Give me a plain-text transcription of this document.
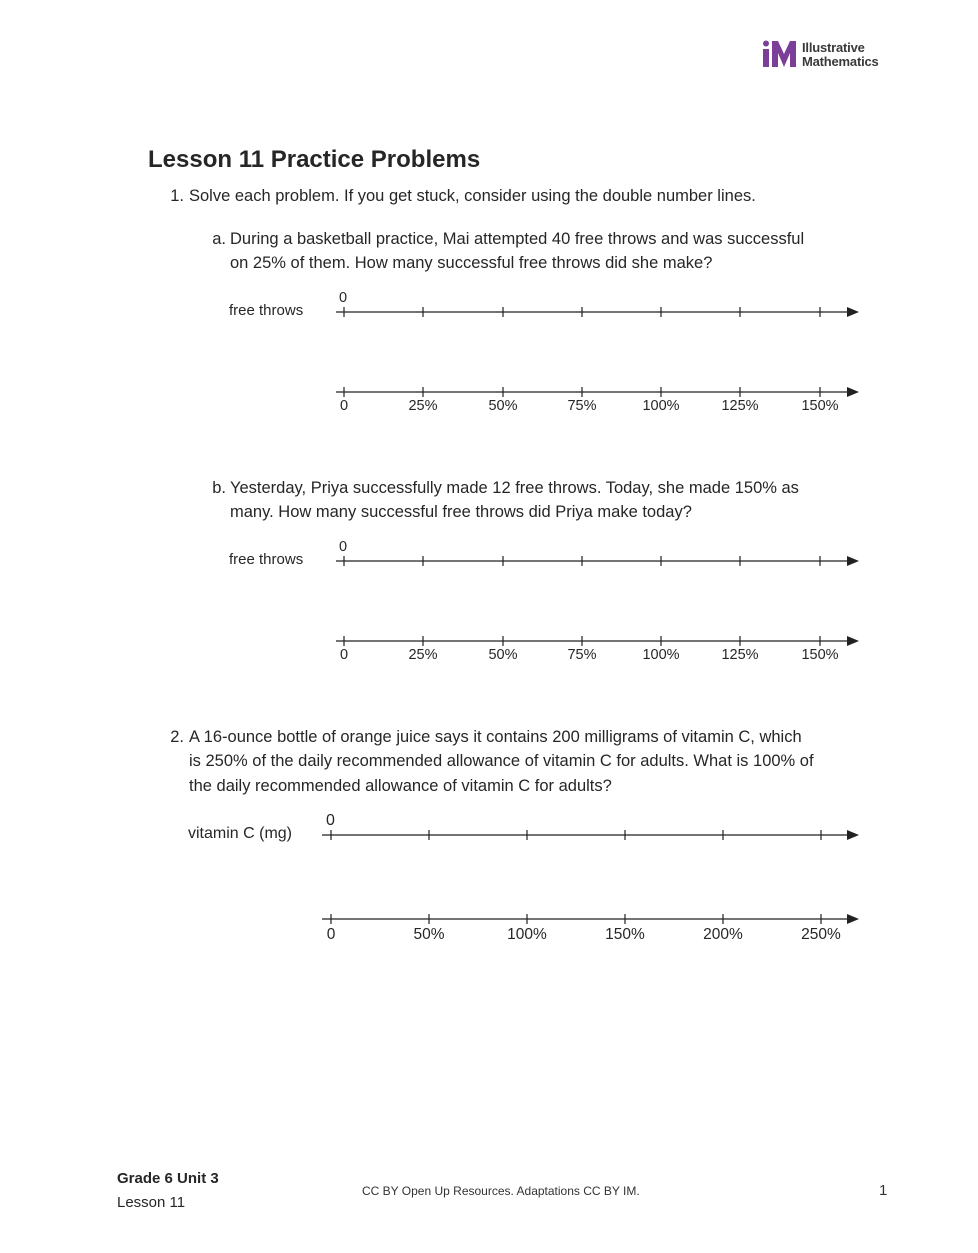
Illustrative
Mathematics
Lesson 11 Practice Problems
1. Solve each problem. If you get stuck, consider using the double number lines.
a. During a basketball practice, Mai attempted 40 free throws and was successful
on 25% of them. How many successful free throws did she make?
free throws
0
0	25%	50%	75%	100%	125%	150%
b. Yesterday, Priya successfully made 12 free throws. Today, she made 150% as
many. How many successful free throws did Priya make today?
free throws
0
0	25%	50%	75%	100%	125%	150%
2. A 16-ounce bottle of orange juice says it contains 200 milligrams of vitamin C, which
is 250% of the daily recommended allowance of vitamin C for adults. What is 100% of
the daily recommended allowance of vitamin C for adults?
vitamin C (mg)
0
0	50%	100%	150%	200%	250%
Grade 6 Unit 3
Lesson 11
CC BY Open Up Resources. Adaptations CC BY IM.	1
